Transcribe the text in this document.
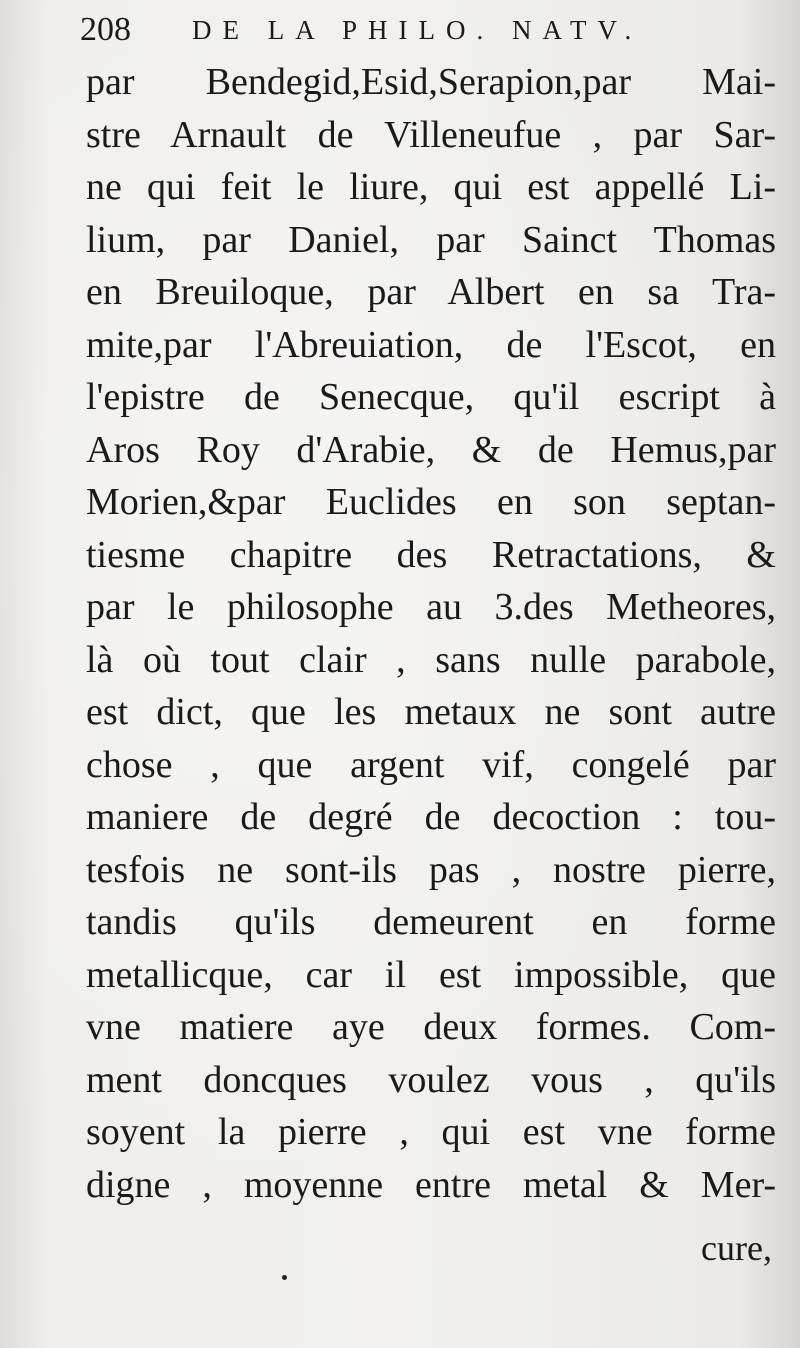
208 DE LA PHILO. NATV.
par Bendegid,Esid,Serapion,par Mai-
stre Arnault de Villeneufue , par Sar-
ne qui feit le liure, qui est appellé Li-
lium, par Daniel, par Sainct Thomas
en Breuiloque, par Albert en sa Tra-
mite,par l'Abreuiation, de l'Escot, en
l'epistre de Senecque, qu'il escript à
Aros Roy d'Arabie, & de Hemus,par
Morien,&par Euclides en son septan-
tiesme chapitre des Retractations, &
par le philosophe au 3.des Metheores,
là où tout clair , sans nulle parabole,
est dict, que les metaux ne sont autre
chose , que argent vif, congelé par
maniere de degré de decoction : tou-
tesfois ne sont-ils pas , nostre pierre,
tandis qu'ils demeurent en forme
metallicque, car il est impossible, que
vne matiere aye deux formes. Com-
ment doncques voulez vous , qu'ils
soyent la pierre , qui est vne forme
digne , moyenne entre metal & Mer-
cure,
